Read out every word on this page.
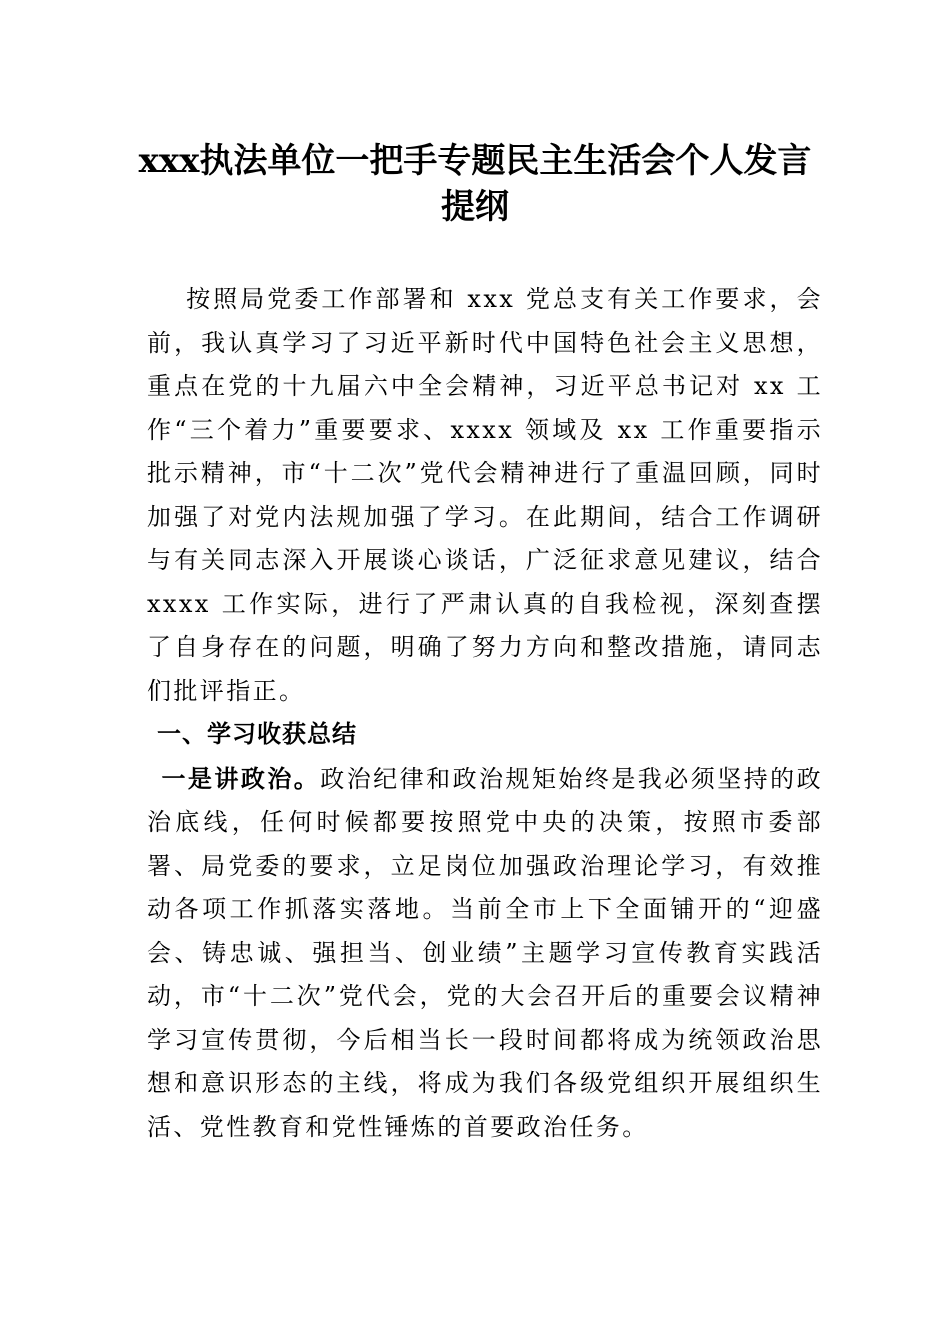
xxx执法单位一把手专题民主生活会个人发言
提纲

 按照局党委工作部署和 xxx 党总支有关工作要求，会前，我认真学习了习近平新时代中国特色社会主义思想，重点在党的十九届六中全会精神，习近平总书记对 xx 工作“三个着力”重要要求、xxxx 领域及 xx 工作重要指示批示精神，市“十二次”党代会精神进行了重温回顾，同时加强了对党内法规加强了学习。在此期间，结合工作调研与有关同志深入开展谈心谈话，广泛征求意见建议，结合 xxxx 工作实际，进行了严肃认真的自我检视，深刻查摆了自身存在的问题，明确了努力方向和整改措施，请同志们批评指正。

一、学习收获总结

 一是讲政治。政治纪律和政治规矩始终是我必须坚持的政治底线，任何时候都要按照党中央的决策，按照市委部署、局党委的要求，立足岗位加强政治理论学习，有效推动各项工作抓落实落地。当前全市上下全面铺开的“迎盛会、铸忠诚、强担当、创业绩”主题学习宣传教育实践活动，市“十二次”党代会，党的大会召开后的重要会议精神学习宣传贯彻，今后相当长一段时间都将成为统领政治思想和意识形态的主线，将成为我们各级党组织开展组织生活、党性教育和党性锤炼的首要政治任务。
